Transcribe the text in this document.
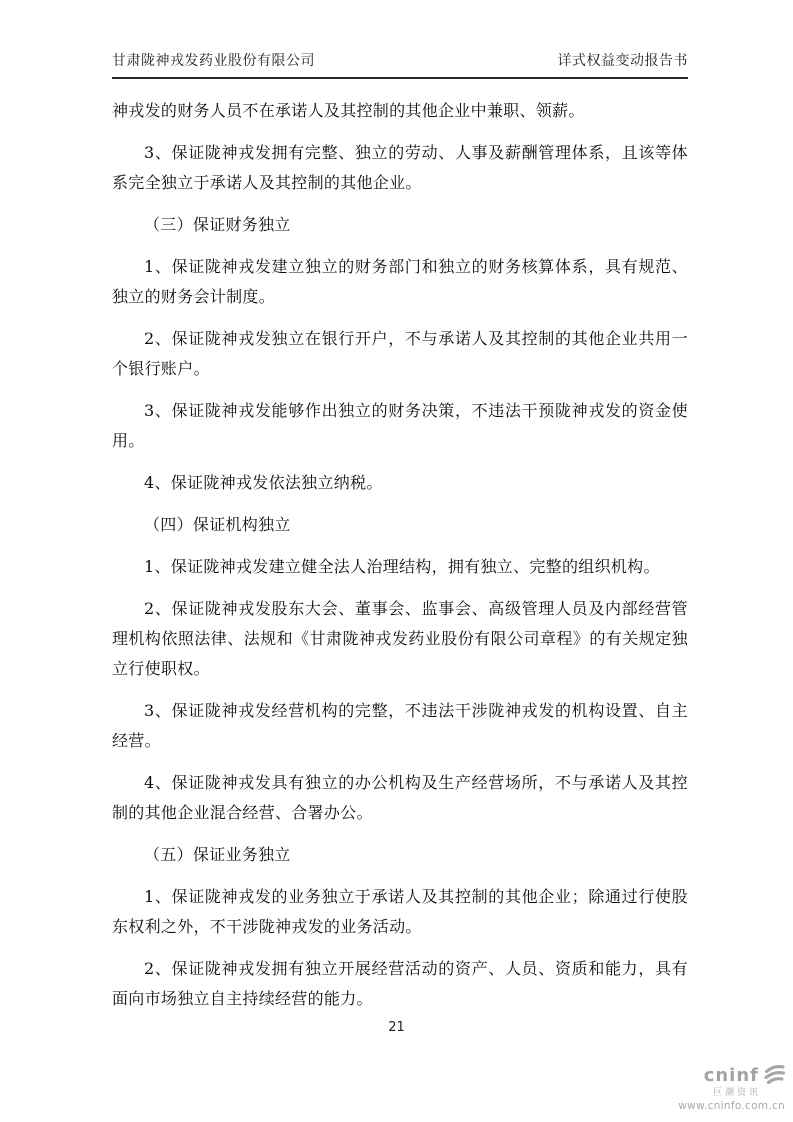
甘肃陇神戎发药业股份有限公司	详式权益变动报告书

神戎发的财务人员不在承诺人及其控制的其他企业中兼职、领薪。

3、保证陇神戎发拥有完整、独立的劳动、人事及薪酬管理体系，且该等体系完全独立于承诺人及其控制的其他企业。

（三）保证财务独立

1、保证陇神戎发建立独立的财务部门和独立的财务核算体系，具有规范、独立的财务会计制度。

2、保证陇神戎发独立在银行开户，不与承诺人及其控制的其他企业共用一个银行账户。

3、保证陇神戎发能够作出独立的财务决策，不违法干预陇神戎发的资金使用。

4、保证陇神戎发依法独立纳税。

（四）保证机构独立

1、保证陇神戎发建立健全法人治理结构，拥有独立、完整的组织机构。

2、保证陇神戎发股东大会、董事会、监事会、高级管理人员及内部经营管理机构依照法律、法规和《甘肃陇神戎发药业股份有限公司章程》的有关规定独立行使职权。

3、保证陇神戎发经营机构的完整，不违法干涉陇神戎发的机构设置、自主经营。

4、保证陇神戎发具有独立的办公机构及生产经营场所，不与承诺人及其控制的其他企业混合经营、合署办公。

（五）保证业务独立

1、保证陇神戎发的业务独立于承诺人及其控制的其他企业；除通过行使股东权利之外，不干涉陇神戎发的业务活动。

2、保证陇神戎发拥有独立开展经营活动的资产、人员、资质和能力，具有面向市场独立自主持续经营的能力。

21
cninf
巨潮资讯
www.cninfo.com.cn
